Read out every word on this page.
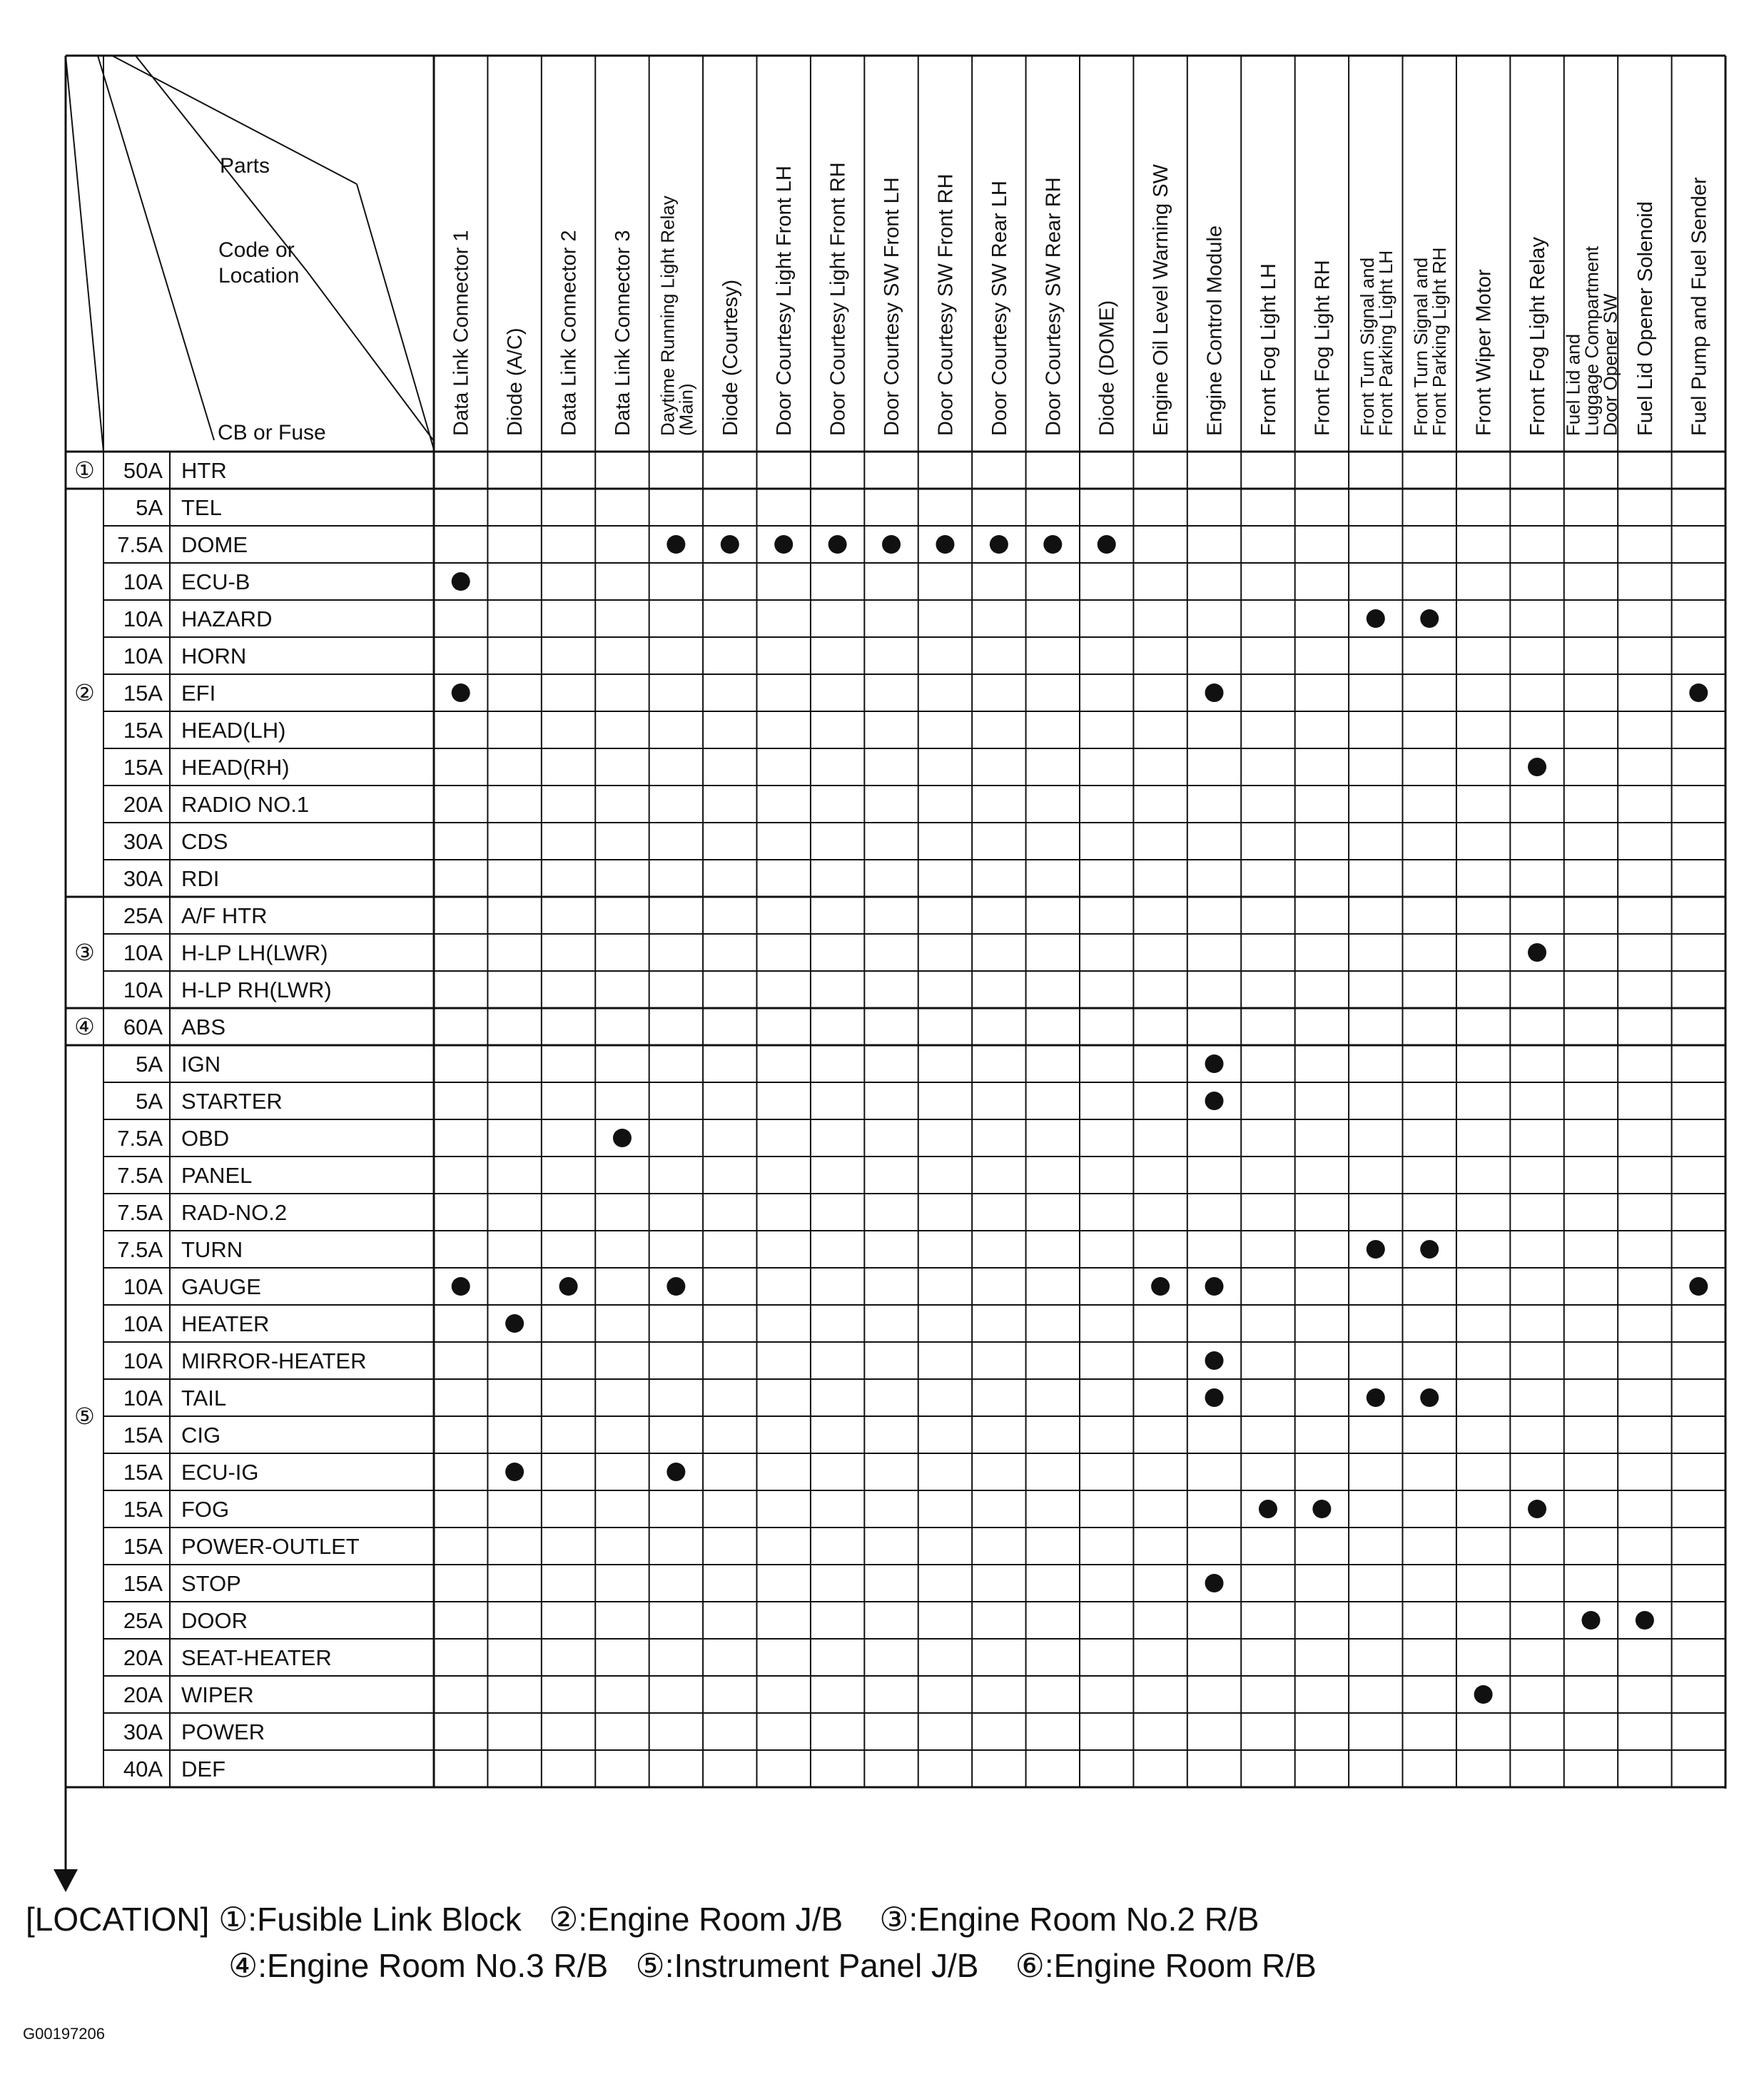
Parts
Code or
Location
CB or Fuse	Data Link Connector 1 Diode (A/C) Data Link Connector 2 Data Link Connector 3 Daytime Running Light Relay
(Main) Diode (Courtesy) Door Courtesy Light Front LH Door Courtesy Light Front RH Door Courtesy SW Front LH Door Courtesy SW Front RH Door Courtesy SW Rear LH Door Courtesy SW Rear RH Diode (DOME) Engine Oil Level Warning SW Engine Control Module Front Fog Light LH Front Fog Light RH Front Turn Signal and
Front Parking Light LH Front Turn Signal and
Front Parking Light RH Front Wiper Motor Front Fog Light Relay Fuel Lid and
Luggage Compartment
Door Opener SW Fuel Lid Opener Solenoid Fuel Pump and Fuel Sender
50A HTR
5A TEL
7.5A DOME
10A ECU-B
10A HAZARD
10A HORN
15A EFI
15A HEAD(LH)
15A HEAD(RH)
20A RADIO NO.1
30A CDS
30A RDI
25A A/F HTR
10A H-LP LH(LWR)
10A H-LP RH(LWR)
60A ABS
5A IGN
5A STARTER
7.5A OBD
7.5A PANEL
7.5A RAD-NO.2
7.5A TURN
10A GAUGE
10A HEATER
10A MIRROR-HEATER
10A TAIL
15A CIG
15A ECU-IG
15A FOG
15A POWER-OUTLET
15A STOP
25A DOOR
20A SEAT-HEATER
20A WIPER
30A POWER
40A DEF
①
②
③
④
⑤
[LOCATION] ①:Fusible Link Block   ②:Engine Room J/B    ③:Engine Room No.2 R/B
④:Engine Room No.3 R/B   ⑤:Instrument Panel J/B    ⑥:Engine Room R/B
G00197206
